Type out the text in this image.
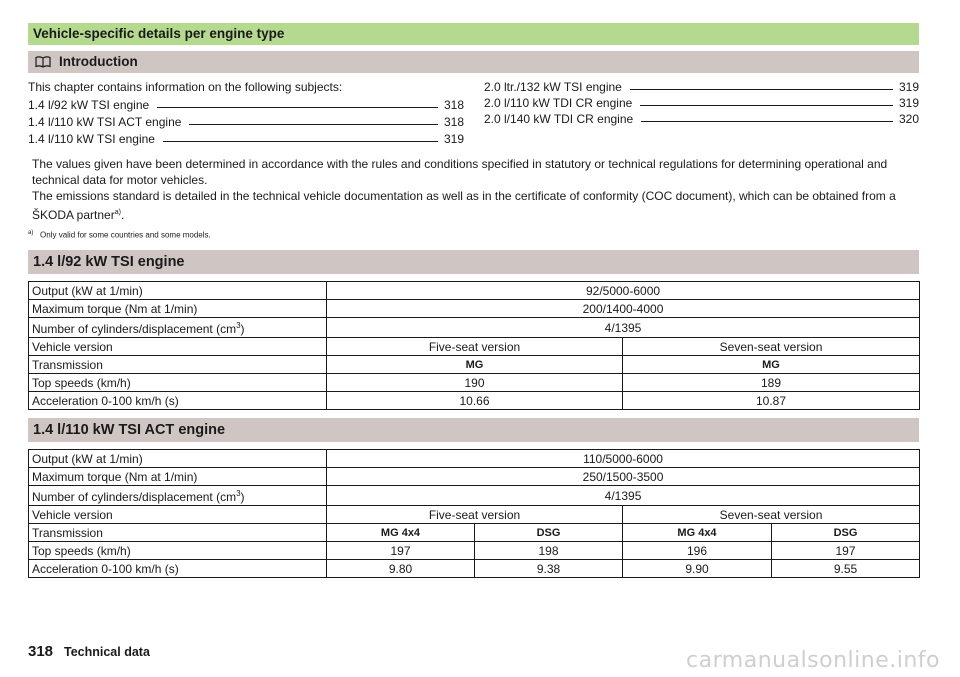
Vehicle-specific details per engine type
Introduction
This chapter contains information on the following subjects:
1.4 l/92 kW TSI engine	318
1.4 l/110 kW TSI ACT engine	318
1.4 l/110 kW TSI engine	319
2.0 ltr./132 kW TSI engine	319
2.0 l/110 kW TDI CR engine	319
2.0 l/140 kW TDI CR engine	320
The values given have been determined in accordance with the rules and conditions specified in statutory or technical regulations for determining operational and technical data for motor vehicles.
The emissions standard is detailed in the technical vehicle documentation as well as in the certificate of conformity (COC document), which can be obtained from a ŠKODA partner$^{a)}$.
$^{a)}$ Only valid for some countries and some models.
1.4 l/92 kW TSI engine
Output (kW at 1/min)	92/5000-6000	
Maximum torque (Nm at 1/min)	200/1400-4000	
Number of cylinders/displacement $(cm^3)$	4/1395	
Vehicle version	Five-seat version	Seven-seat version
Transmission	MG	MG
Top speeds (km/h)	190	189
Acceleration 0-100 km/h (s)	10.66	10.87
1.4 l/110 kW TSI ACT engine
Output (kW at 1/min)	110/5000-6000			
Maximum torque (Nm at 1/min)	250/1500-3500			
Number of cylinders/displacement $(cm^3)$	4/1395			
Vehicle version	Five-seat version		Seven-seat version	
Transmission	MG 4x4	DSG	MG 4x4	DSG
Top speeds (km/h)	197	198	196	197
Acceleration 0-100 km/h (s)	9.80	9.38	9.90	9.55
318 Technical data	carmanualsonline.info
